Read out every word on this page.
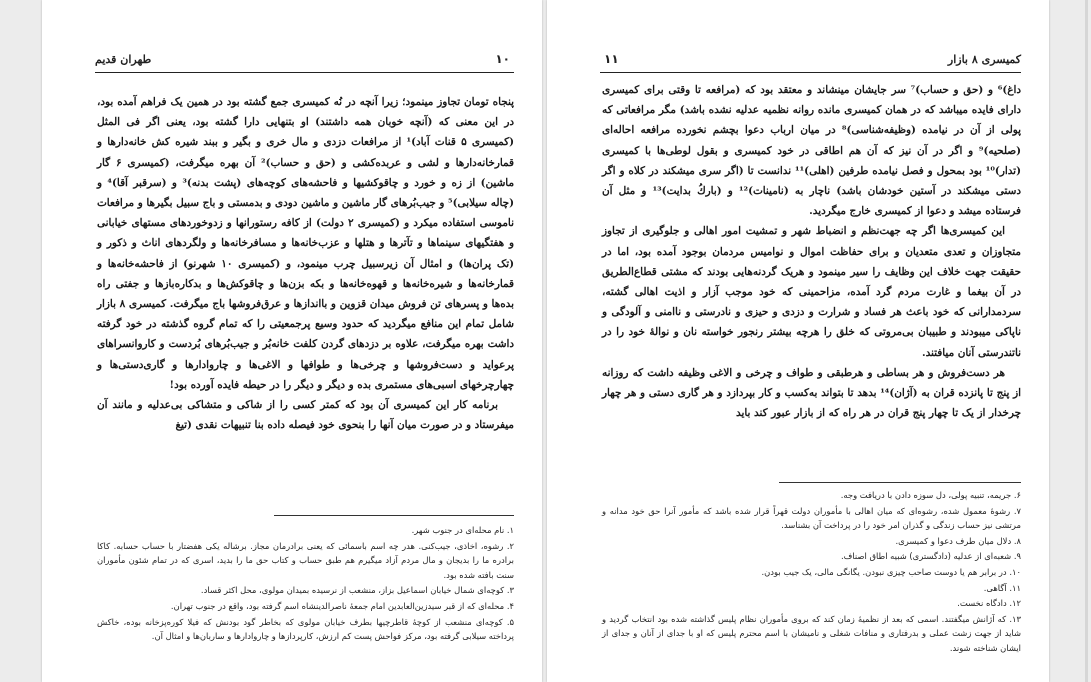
طهران قدیم	۱۰

پنجاه تومان تجاوز مینمود؛ زیرا آنچه در نُه کمیسری جمع گشته بود در همین یک فراهم آمده بود، در این معنی که (آنچه خوبان همه داشتند) او بتنهایی دارا گشته بود، یعنی اگر فی المثل (کمیسری ۵ قنات آباد)¹ از مرافعات دزدی و مال خری و بگیر و ببند شیره کش خانه‌دارها و قمارخانه‌دارها و لشی و عربده‌کشی و (حق و حساب)² آن بهره میگرفت، (کمیسری ۶ گار ماشین) از زه و خورد و چاقوکشیها و فاحشه‌های کوچه‌های (پشت بدنه)³ و (سرقبر آقا)⁴ و (چاله سیلابی)⁵ و جیب‌بُرهای گار ماشین و ماشین دودی و بدمستی و باج سبیل بگیرها و مرافعات ناموسی استفاده میکرد و (کمیسری ۲ دولت) از کافه رستورانها و زدوخوردهای مستهای خیابانی و هفتگیهای سینماها و تآترها و هتلها و عزب‌خانه‌ها و مسافرخانه‌ها و ولگردهای اناث و ذکور و (تک پران‌ها) و امثال آن زیرسبیل چرب مینمود، و (کمیسری ۱۰ شهرنو) از فاحشه‌خانه‌ها و قمارخانه‌ها و شیره‌خانه‌ها و قهوه‌خانه‌ها و بکه بزن‌ها و چاقوکش‌ها و بدکاره‌بازها و جفتی راه بده‌ها و پسرهای تن فروش میدان قزوین و باانداز‌ها و عرق‌فروشها باج میگرفت. کمیسری ۸ بازار شامل تمام این منافع میگردید که حدود وسیع پرجمعیتی را که تمام گروه گذشته در خود گرفته داشت بهره میگرفت، علاوه بر دزدهای گردن کلفت خانه‌بُر و جیب‌بُرهای بُردست و کاروانسراهای پرعواید و دست‌فروشها و چرخی‌ها و طوافها و الاغی‌ها و چاروادارها و گاری‌دستی‌ها و چهارچرخهای اسبی‌های مستمری بده و دیگر و دیگر را در حیطه فایده آورده بود!

برنامه کار این کمیسری آن بود که کمتر کسی را از شاکی و متشاکی بی‌عدلیه و مانند آن میفرستاد و در صورت میان آنها را بنحوی خود فیصله داده بنا تنبیهات نقدی (تیغ

۱. نام محله‌ای در جنوب شهر.
۲. رشوه، اخاذی، جیب‌کنی. هدر چه اسم باسمائی که یعنی برادرمان مجاز. برشاله یکی هفضتار با حساب حسابه. کاکا برادره ما را بدیجان و مال مردم آزاد میگیرم هم طبق حساب و کتاب حق ما را بدید، اسری که در تمام شئون مأموران سنت بافته شده بود.
۳. کوچه‌ای شمال خیابان اسماعیل بزاز، منشعب از نرسیده بمیدان مولوی، محل اکثر قساد.
۴. محله‌ای که از قبر سیدزین‌العابدین امام جمعهٔ ناصرالدینشاه اسم گرفته بود، واقع در جنوب تهران.
۵. کوچه‌ای منشعب از کوچهٔ قاطرچیها بطرف خیابان مولوی که بخاطر گود بودنش که فیلا کوره‌پزخانه بوده، خاکش پرداخته سیلابی گرفته بود، مرکز فواحش پست کم ارزش، کارپرداز‌ها و چاروادارها و ساربان‌ها و امثال آن.
کمیسری ۸ بازار
۱۱

داغ)⁶ و (حق و حساب)⁷ سر جایشان مینشاند و معتقد بود که (مرافعه تا وقتی برای کمیسری دارای فایده میباشد که در همان کمیسری مانده روانه نظمیه عدلیه نشده باشد) مگر مرافعاتی که پولی از آن در نیامده (وظیفه‌شناسی)⁸ در میان ارباب دعوا بچشم نخورده مرافعه احاله‌ای (صلحیه)⁹ و اگر در آن نیز که آن هم اطاقی در خود کمیسری و بقول لوطی‌ها با کمیسری (تدار)¹⁰ بود بمحول و فصل نیامده طرفین (اهلی)¹¹ ندانست تا (اگر سری میشکند در کلاه و اگر دستی میشکند در آستین خودشان باشد) ناچار به (نامینات)¹² و (باركُ بدایت)¹³ و مثل آن فرستاده میشد و دعوا از کمیسری خارج میگردید.

این کمیسری‌ها اگر چه جهت‌نظم و انضباط شهر و تمشیت امور اهالی و جلوگیری از تجاوز متجاوزان و تعدی متعدیان و برای حفاظت اموال و نوامیس مردمان بوجود آمده بود، اما در حقیقت جهت خلاف این وظایف را سیر مینمود و هریک گردنه‌هایی بودند که مشتی قطاع‌الطریق در آن بیغما و غارت مردم گرد آمده، مزاحمینی که خود موجب آزار و اذیت اهالی گشته، سردمدارانی که خود باعث هر فساد و شرارت و دزدی و حیزی و نادرستی و ناامنی و آلودگی و ناپاکی میبودند و طبیبان بی‌مروتی که خلق را هرچه بیشتر رنجور خواسته نان و نوالهٔ خود را در ناتندرستی آنان میافتند.

هر دست‌فروش و هر بساطی و هرطبقی و طواف و چرخی و الاغی وظیفه داشت که روزانه از پنج تا پانزده قران به (آژان)¹⁴ بدهد تا بتواند به‌کسب و کار بپردازد و هر گاری دستی و هر چهار چرخدار از یک تا چهار پنج قران در هر راه که از بازار عبور کند باید

۶. جریمه، تنبیه پولی، دل سوزه دادن با دریافت وجه.
۷. رشوهٔ معمول شده، رشوه‌ای که میان اهالی با مأموران دولت قهراً قرار شده باشد که مأمور آنرا حق خود مدانه و مرتشی نیز حساب زندگی و گذران امر خود را در پرداخت آن بشناسد.
۸. دلال میان طرف دعوا و کمیسری.
۹. شعبه‌ای از عدلیه (دادگستری) شبیه اطاق اصناف.
۱۰. در برابر هم یا دوست صاحب چیزی نبودن. یگانگی مالی، یک جیب بودن.
۱۱. آگاهی.
۱۲. دادگاه نخست.
۱۳. که آژانش میگفتند. اسمی که بعد از نظمیهٔ زمان کند که بروی مأموران نظام پلیس گذاشته شده بود انتخاب گردید و شاید از جهت زشت عملی و بدرفتاری و منافات شغلی و نامیشان با اسم محترم پلیس که او با جدای از آنان و جدای از ایشان شناخته شوند.
